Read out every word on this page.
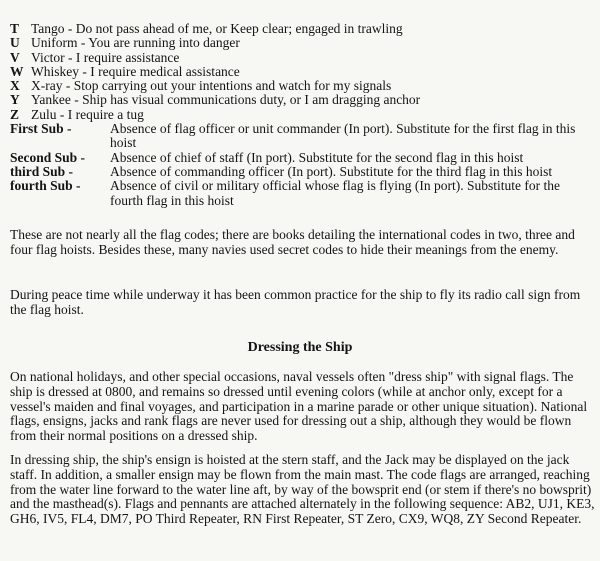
T Tango - Do not pass ahead of me, or Keep clear; engaged in trawling
U Uniform - You are running into danger
V Victor - I require assistance
W Whiskey - I require medical assistance
X X-ray - Stop carrying out your intentions and watch for my signals
Y Yankee - Ship has visual communications duty, or I am dragging anchor
Z Zulu - I require a tug
First Sub -	Absence of flag officer or unit commander (In port). Substitute for the first flag in this hoist
Second Sub -	Absence of chief of staff (In port). Substitute for the second flag in this hoist
third Sub -	Absence of commanding officer (In port). Substitute for the third flag in this hoist
fourth Sub -	Absence of civil or military official whose flag is flying (In port). Substitute for the fourth flag in this hoist

These are not nearly all the flag codes; there are books detailing the international codes in two, three and four flag hoists. Besides these, many navies used secret codes to hide their meanings from the enemy.

During peace time while underway it has been common practice for the ship to fly its radio call sign from the flag hoist.

Dressing the Ship

On national holidays, and other special occasions, naval vessels often "dress ship" with signal flags. The ship is dressed at 0800, and remains so dressed until evening colors (while at anchor only, except for a vessel's maiden and final voyages, and participation in a marine parade or other unique situation). National flags, ensigns, jacks and rank flags are never used for dressing out a ship, although they would be flown from their normal positions on a dressed ship.

In dressing ship, the ship's ensign is hoisted at the stern staff, and the Jack may be displayed on the jack staff. In addition, a smaller ensign may be flown from the main mast. The code flags are arranged, reaching from the water line forward to the water line aft, by way of the bowsprit end (or stem if there's no bowsprit) and the masthead(s). Flags and pennants are attached alternately in the following sequence: AB2, UJ1, KE3, GH6, IV5, FL4, DM7, PO Third Repeater, RN First Repeater, ST Zero, CX9, WQ8, ZY Second Repeater.
